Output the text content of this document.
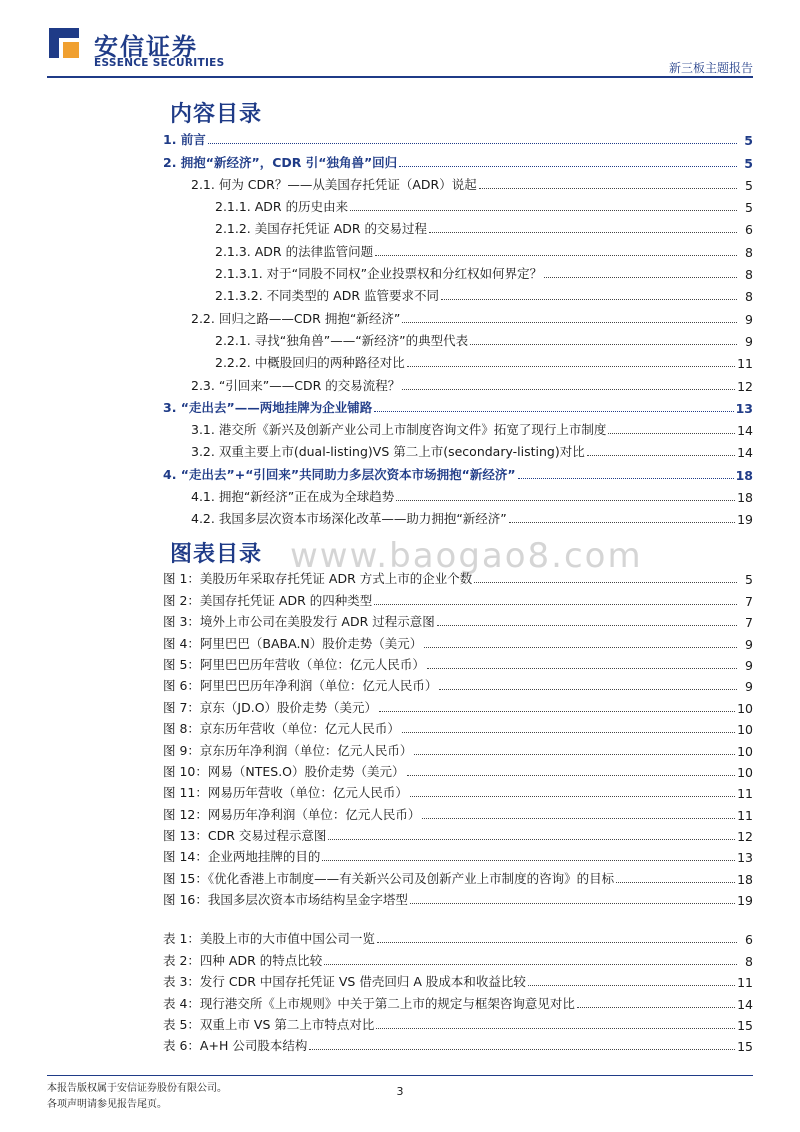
安信证券
ESSENCE SECURITIES	新三板主题报告
内容目录
1. 前言	5
2. 拥抱“新经济”，CDR 引“独角兽”回归	5
2.1. 何为 CDR？——从美国存托凭证（ADR）说起	5
2.1.1. ADR 的历史由来	5
2.1.2. 美国存托凭证 ADR 的交易过程	6
2.1.3. ADR 的法律监管问题	8
2.1.3.1. 对于“同股不同权”企业投票权和分红权如何界定？	8
2.1.3.2. 不同类型的 ADR 监管要求不同	8
2.2. 回归之路——CDR 拥抱“新经济”	9
2.2.1. 寻找“独角兽”——“新经济”的典型代表	9
2.2.2. 中概股回归的两种路径对比	11
2.3. “引回来”——CDR 的交易流程？	12
3. “走出去”——两地挂牌为企业铺路	13
3.1. 港交所《新兴及创新产业公司上市制度咨询文件》拓宽了现行上市制度	14
3.2. 双重主要上市(dual-listing)VS 第二上市(secondary-listing)对比	14
4. “走出去”+“引回来”共同助力多层次资本市场拥抱“新经济”	18
4.1. 拥抱“新经济”正在成为全球趋势	18
4.2. 我国多层次资本市场深化改革——助力拥抱“新经济”	19
图表目录 www.baogao8.com
图 1：美股历年采取存托凭证 ADR 方式上市的企业个数	5
图 2：美国存托凭证 ADR 的四种类型	7
图 3：境外上市公司在美股发行 ADR 过程示意图	7
图 4：阿里巴巴（BABA.N）股价走势（美元）	9
图 5：阿里巴巴历年营收（单位：亿元人民币）	9
图 6：阿里巴巴历年净利润（单位：亿元人民币）	9
图 7：京东（JD.O）股价走势（美元）	10
图 8：京东历年营收（单位：亿元人民币）	10
图 9：京东历年净利润（单位：亿元人民币）	10
图 10：网易（NTES.O）股价走势（美元）	10
图 11：网易历年营收（单位：亿元人民币）	11
图 12：网易历年净利润（单位：亿元人民币）	11
图 13：CDR 交易过程示意图	12
图 14：企业两地挂牌的目的	13
图 15：《优化香港上市制度——有关新兴公司及创新产业上市制度的咨询》的目标	18
图 16：我国多层次资本市场结构呈金字塔型	19
表 1：美股上市的大市值中国公司一览	6
表 2：四种 ADR 的特点比较	8
表 3：发行 CDR 中国存托凭证 VS 借壳回归 A 股成本和收益比较	11
表 4：现行港交所《上市规则》中关于第二上市的规定与框架咨询意见对比	14
表 5：双重上市 VS 第二上市特点对比	15
表 6：A+H 公司股本结构	15
本报告版权属于安信证券股份有限公司。
各项声明请参见报告尾页。
3
